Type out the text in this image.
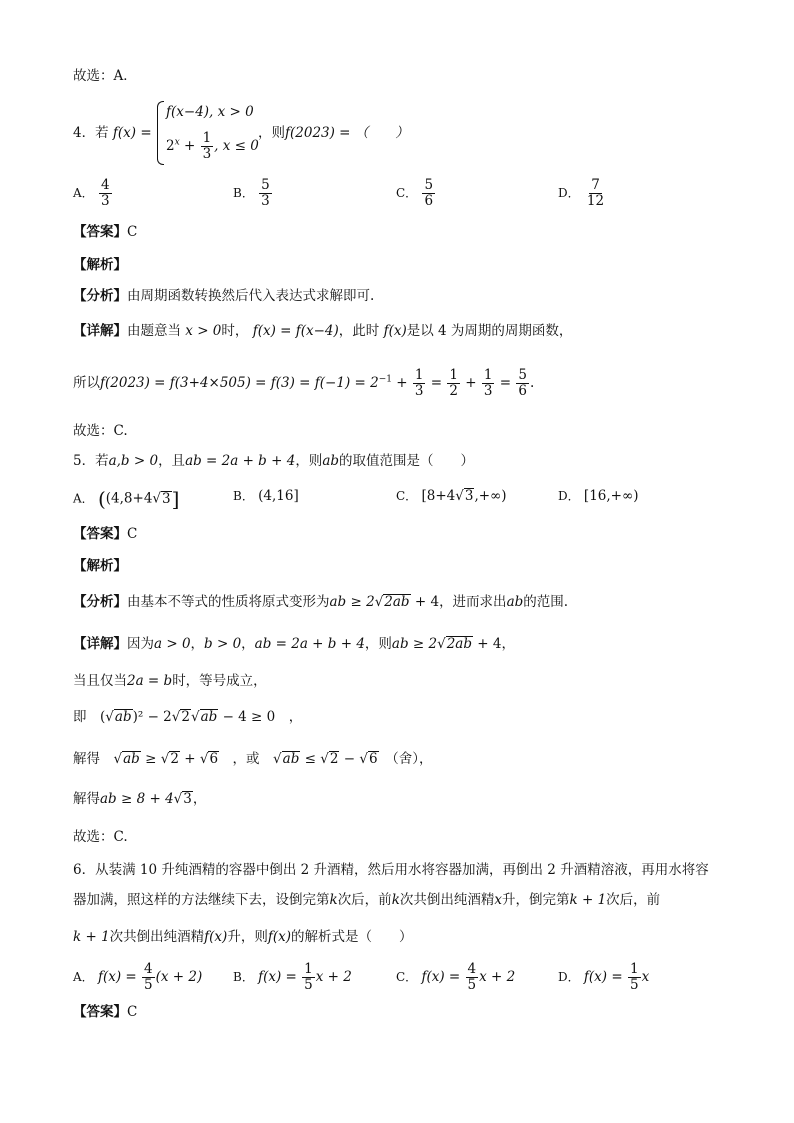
故选：A．
4．若 f(x) =
f(x−4), x > 0
$2^x + \frac{1}{3}$ , x ≤ 0
，则f(2023) = （　　）
A． $\frac{4}{3}$	B． $\frac{5}{3}$	C． $\frac{5}{6}$	D． $\frac{7}{12}$
【答案】C
【解析】
【分析】由周期函数转换然后代入表达式求解即可.
【详解】由题意当 x > 0时， f(x) = f(x−4)，此时 f(x)是以 4 为周期的周期函数，
所以$f(2023) = f(3+4\times 505) = f(3) = f(-1) = 2^{-1} + \frac{1}{3} = \frac{1}{2} + \frac{1}{3} = \frac{5}{6}$ .
故选：C.
5．若a,b > 0，且ab = 2a + b + 4，则ab的取值范围是（　　）
A． ((4,8+4√3]	B． (4,16]	C． [8+4√3,+∞)	D． [16,+∞)
【答案】C
【解析】
【分析】由基本不等式的性质将原式变形为ab ≥ 2√2ab + 4，进而求出ab的范围.
【详解】因为a > 0，b > 0，ab = 2a + b + 4，则ab ≥ 2√2ab + 4，
当且仅当2a = b时，等号成立，
即　(√ab)² − 2√2√ab − 4 ≥ 0　，
解得　√ab ≥ √2 + √6　，或　√ab ≤ √2 − √6　（舍），
解得ab ≥ 8 + 4√3，
故选：C.
6．从装满 10 升纯酒精的容器中倒出 2 升酒精，然后用水将容器加满，再倒出 2 升酒精溶液，再用水将容
器加满，照这样的方法继续下去，设倒完第k次后，前k次共倒出纯酒精x升，倒完第k + 1次后，前
k + 1次共倒出纯酒精f(x)升，则f(x)的解析式是（　　）
A． $f(x) = \frac{4}{5} (x + 2)$	B． $f(x) = \frac{1}{5}$ x + 2	C． $f(x) = \frac{4}{5}$ x + 2	D． $f(x) = \frac{1}{5}$ x
【答案】C
